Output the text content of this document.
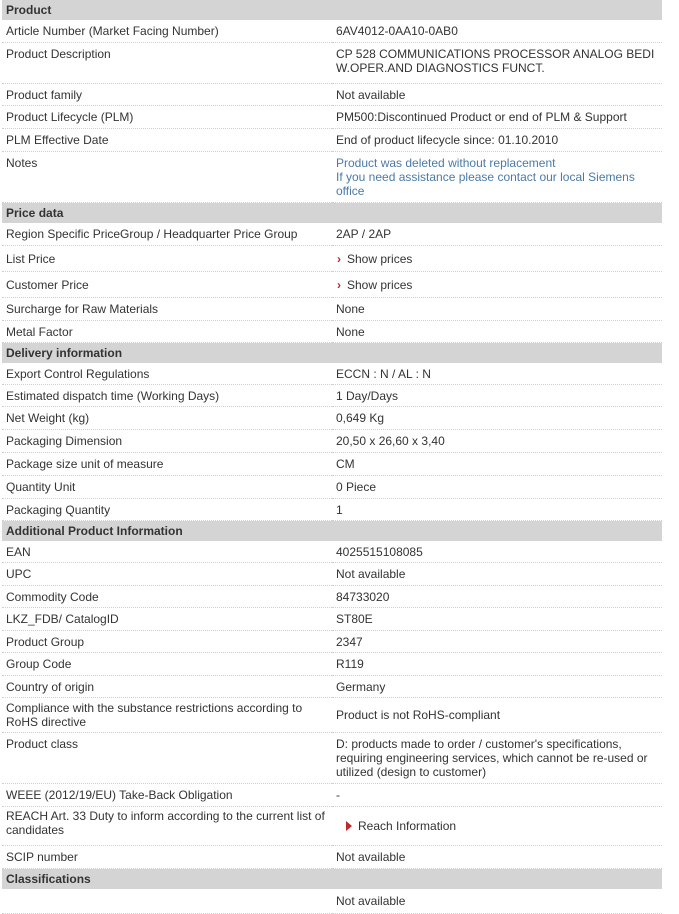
Product	
Article Number (Market Facing Number)	6AV4012-0AA10-0AB0
Product Description	CP 528 COMMUNICATIONS PROCESSOR ANALOG BEDI
W.OPER.AND DIAGNOSTICS FUNCT.

Product family	Not available
Product Lifecycle (PLM)	PM500:Discontinued Product or end of PLM & Support
PLM Effective Date	End of product lifecycle since: 01.10.2010
Notes	Product was deleted without replacement
If you need assistance please contact our local Siemens
office

Price data	
Region Specific PriceGroup / Headquarter Price Group	2AP / 2AP
List Price	› Show prices
Customer Price	› Show prices
Surcharge for Raw Materials	None
Metal Factor	None
Delivery information	
Export Control Regulations	ECCN : N / AL : N
Estimated dispatch time (Working Days)	1 Day/Days
Net Weight (kg)	0,649 Kg
Packaging Dimension	20,50 x 26,60 x 3,40
Package size unit of measure	CM
Quantity Unit	0 Piece
Packaging Quantity	1
Additional Product Information	
EAN	4025515108085
UPC	Not available
Commodity Code	84733020
LKZ_FDB/ CatalogID	ST80E
Product Group	2347
Group Code	R119
Country of origin	Germany

Compliance with the substance restrictions according to
RoHS directive	Product is not RoHS-compliant
Product class	D: products made to order / customer's specifications,
requiring engineering services, which cannot be re-used or
utilized (design to customer)

WEEE (2012/19/EU) Take-Back Obligation	-

REACH Art. 33 Duty to inform according to the current list of
candidates	Reach Information
SCIP number	Not available
Classifications	
	Not available
